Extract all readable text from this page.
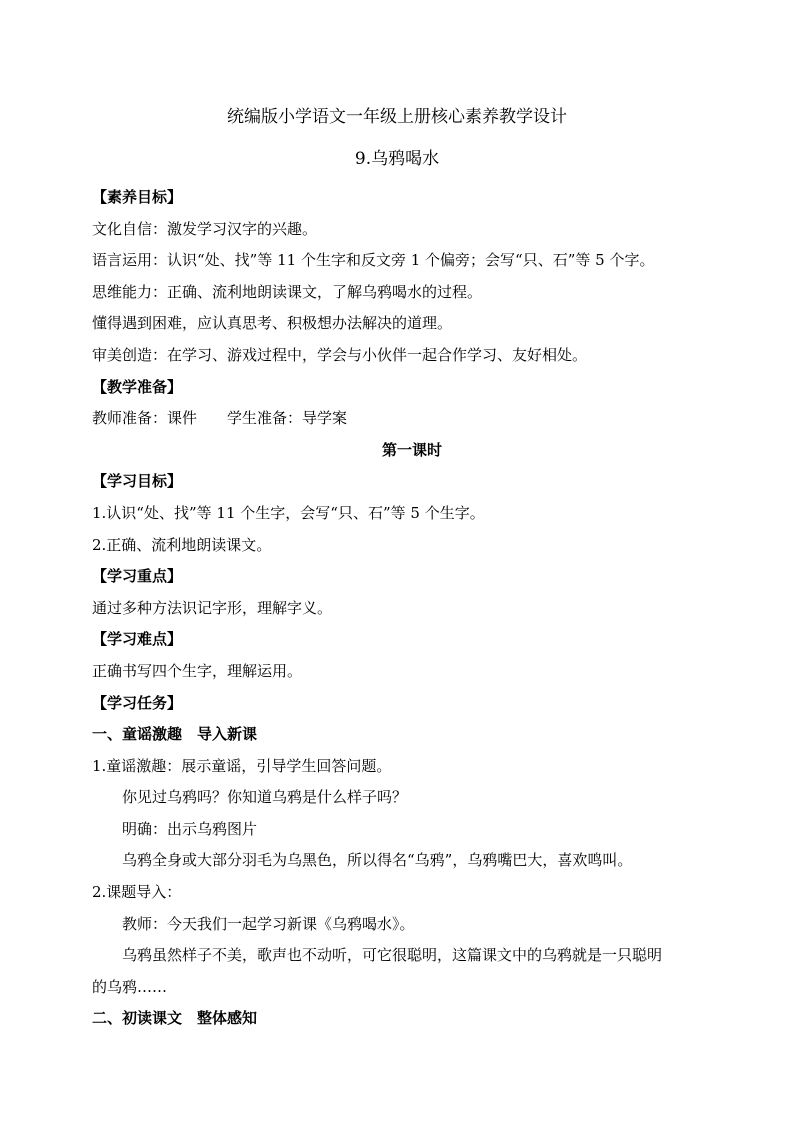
统编版小学语文一年级上册核心素养教学设计
9.乌鸦喝水
【素养目标】
文化自信：激发学习汉字的兴趣。
语言运用：认识“处、找”等 11 个生字和反文旁 1 个偏旁；会写“只、石”等 5 个字。
思维能力：正确、流利地朗读课文，了解乌鸦喝水的过程。
懂得遇到困难，应认真思考、积极想办法解决的道理。
审美创造：在学习、游戏过程中，学会与小伙伴一起合作学习、友好相处。
【教学准备】
教师准备：课件 学生准备：导学案
第一课时
【学习目标】
1.认识“处、找”等 11 个生字，会写“只、石”等 5 个生字。
2.正确、流利地朗读课文。
【学习重点】
通过多种方法识记字形，理解字义。
【学习难点】
正确书写四个生字，理解运用。
【学习任务】
一、童谣激趣 导入新课
1.童谣激趣：展示童谣，引导学生回答问题。
你见过乌鸦吗？你知道乌鸦是什么样子吗？
明确：出示乌鸦图片
乌鸦全身或大部分羽毛为乌黑色，所以得名“乌鸦”，乌鸦嘴巴大，喜欢鸣叫。
2.课题导入：
教师：今天我们一起学习新课《乌鸦喝水》。
乌鸦虽然样子不美，歌声也不动听，可它很聪明，这篇课文中的乌鸦就是一只聪明
的乌鸦……
二、初读课文 整体感知
